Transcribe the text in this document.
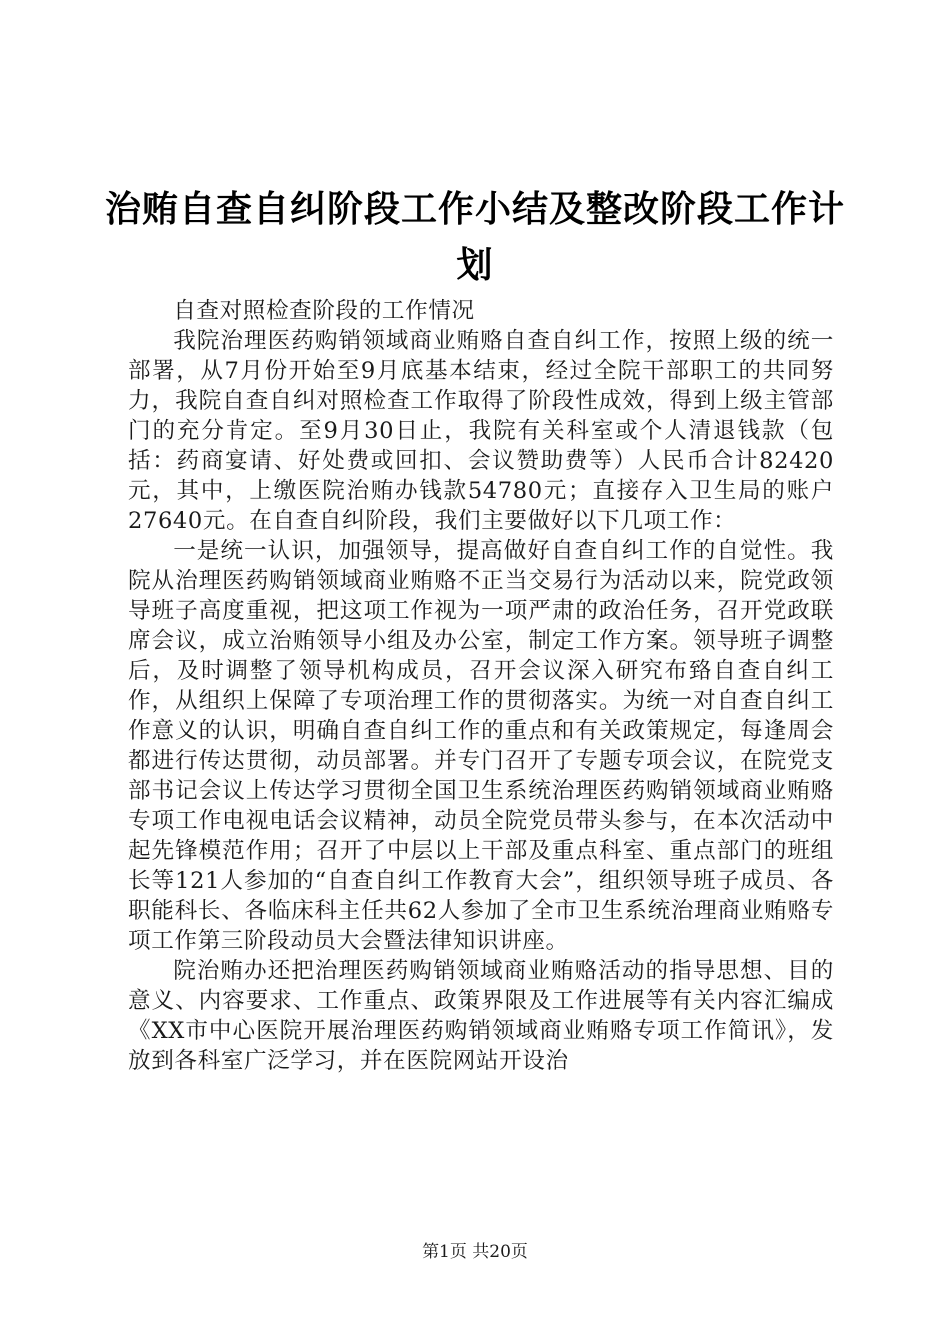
治贿自查自纠阶段工作小结及整改阶段工作计划

自查对照检查阶段的工作情况

我院治理医药购销领域商业贿赂自查自纠工作，按照上级的统一部署，从7月份开始至9月底基本结束，经过全院干部职工的共同努力，我院自查自纠对照检查工作取得了阶段性成效，得到上级主管部门的充分肯定。至9月30日止，我院有关科室或个人清退钱款（包括：药商宴请、好处费或回扣、会议赞助费等）人民币合计82420元，其中，上缴医院治贿办钱款54780元；直接存入卫生局的账户27640元。在自查自纠阶段，我们主要做好以下几项工作：

一是统一认识，加强领导，提高做好自查自纠工作的自觉性。我院从治理医药购销领域商业贿赂不正当交易行为活动以来，院党政领导班子高度重视，把这项工作视为一项严肃的政治任务，召开党政联席会议，成立治贿领导小组及办公室，制定工作方案。领导班子调整后，及时调整了领导机构成员，召开会议深入研究布臵自查自纠工作，从组织上保障了专项治理工作的贯彻落实。为统一对自查自纠工作意义的认识，明确自查自纠工作的重点和有关政策规定，每逢周会都进行传达贯彻，动员部署。并专门召开了专题专项会议，在院党支部书记会议上传达学习贯彻全国卫生系统治理医药购销领域商业贿赂专项工作电视电话会议精神，动员全院党员带头参与，在本次活动中起先锋模范作用；召开了中层以上干部及重点科室、重点部门的班组长等121人参加的“自查自纠工作教育大会”，组织领导班子成员、各职能科长、各临床科主任共62人参加了全市卫生系统治理商业贿赂专项工作第三阶段动员大会暨法律知识讲座。

院治贿办还把治理医药购销领域商业贿赂活动的指导思想、目的意义、内容要求、工作重点、政策界限及工作进展等有关内容汇编成《XX市中心医院开展治理医药购销领域商业贿赂专项工作简讯》，发放到各科室广泛学习，并在医院网站开设治

第1页 共20页
